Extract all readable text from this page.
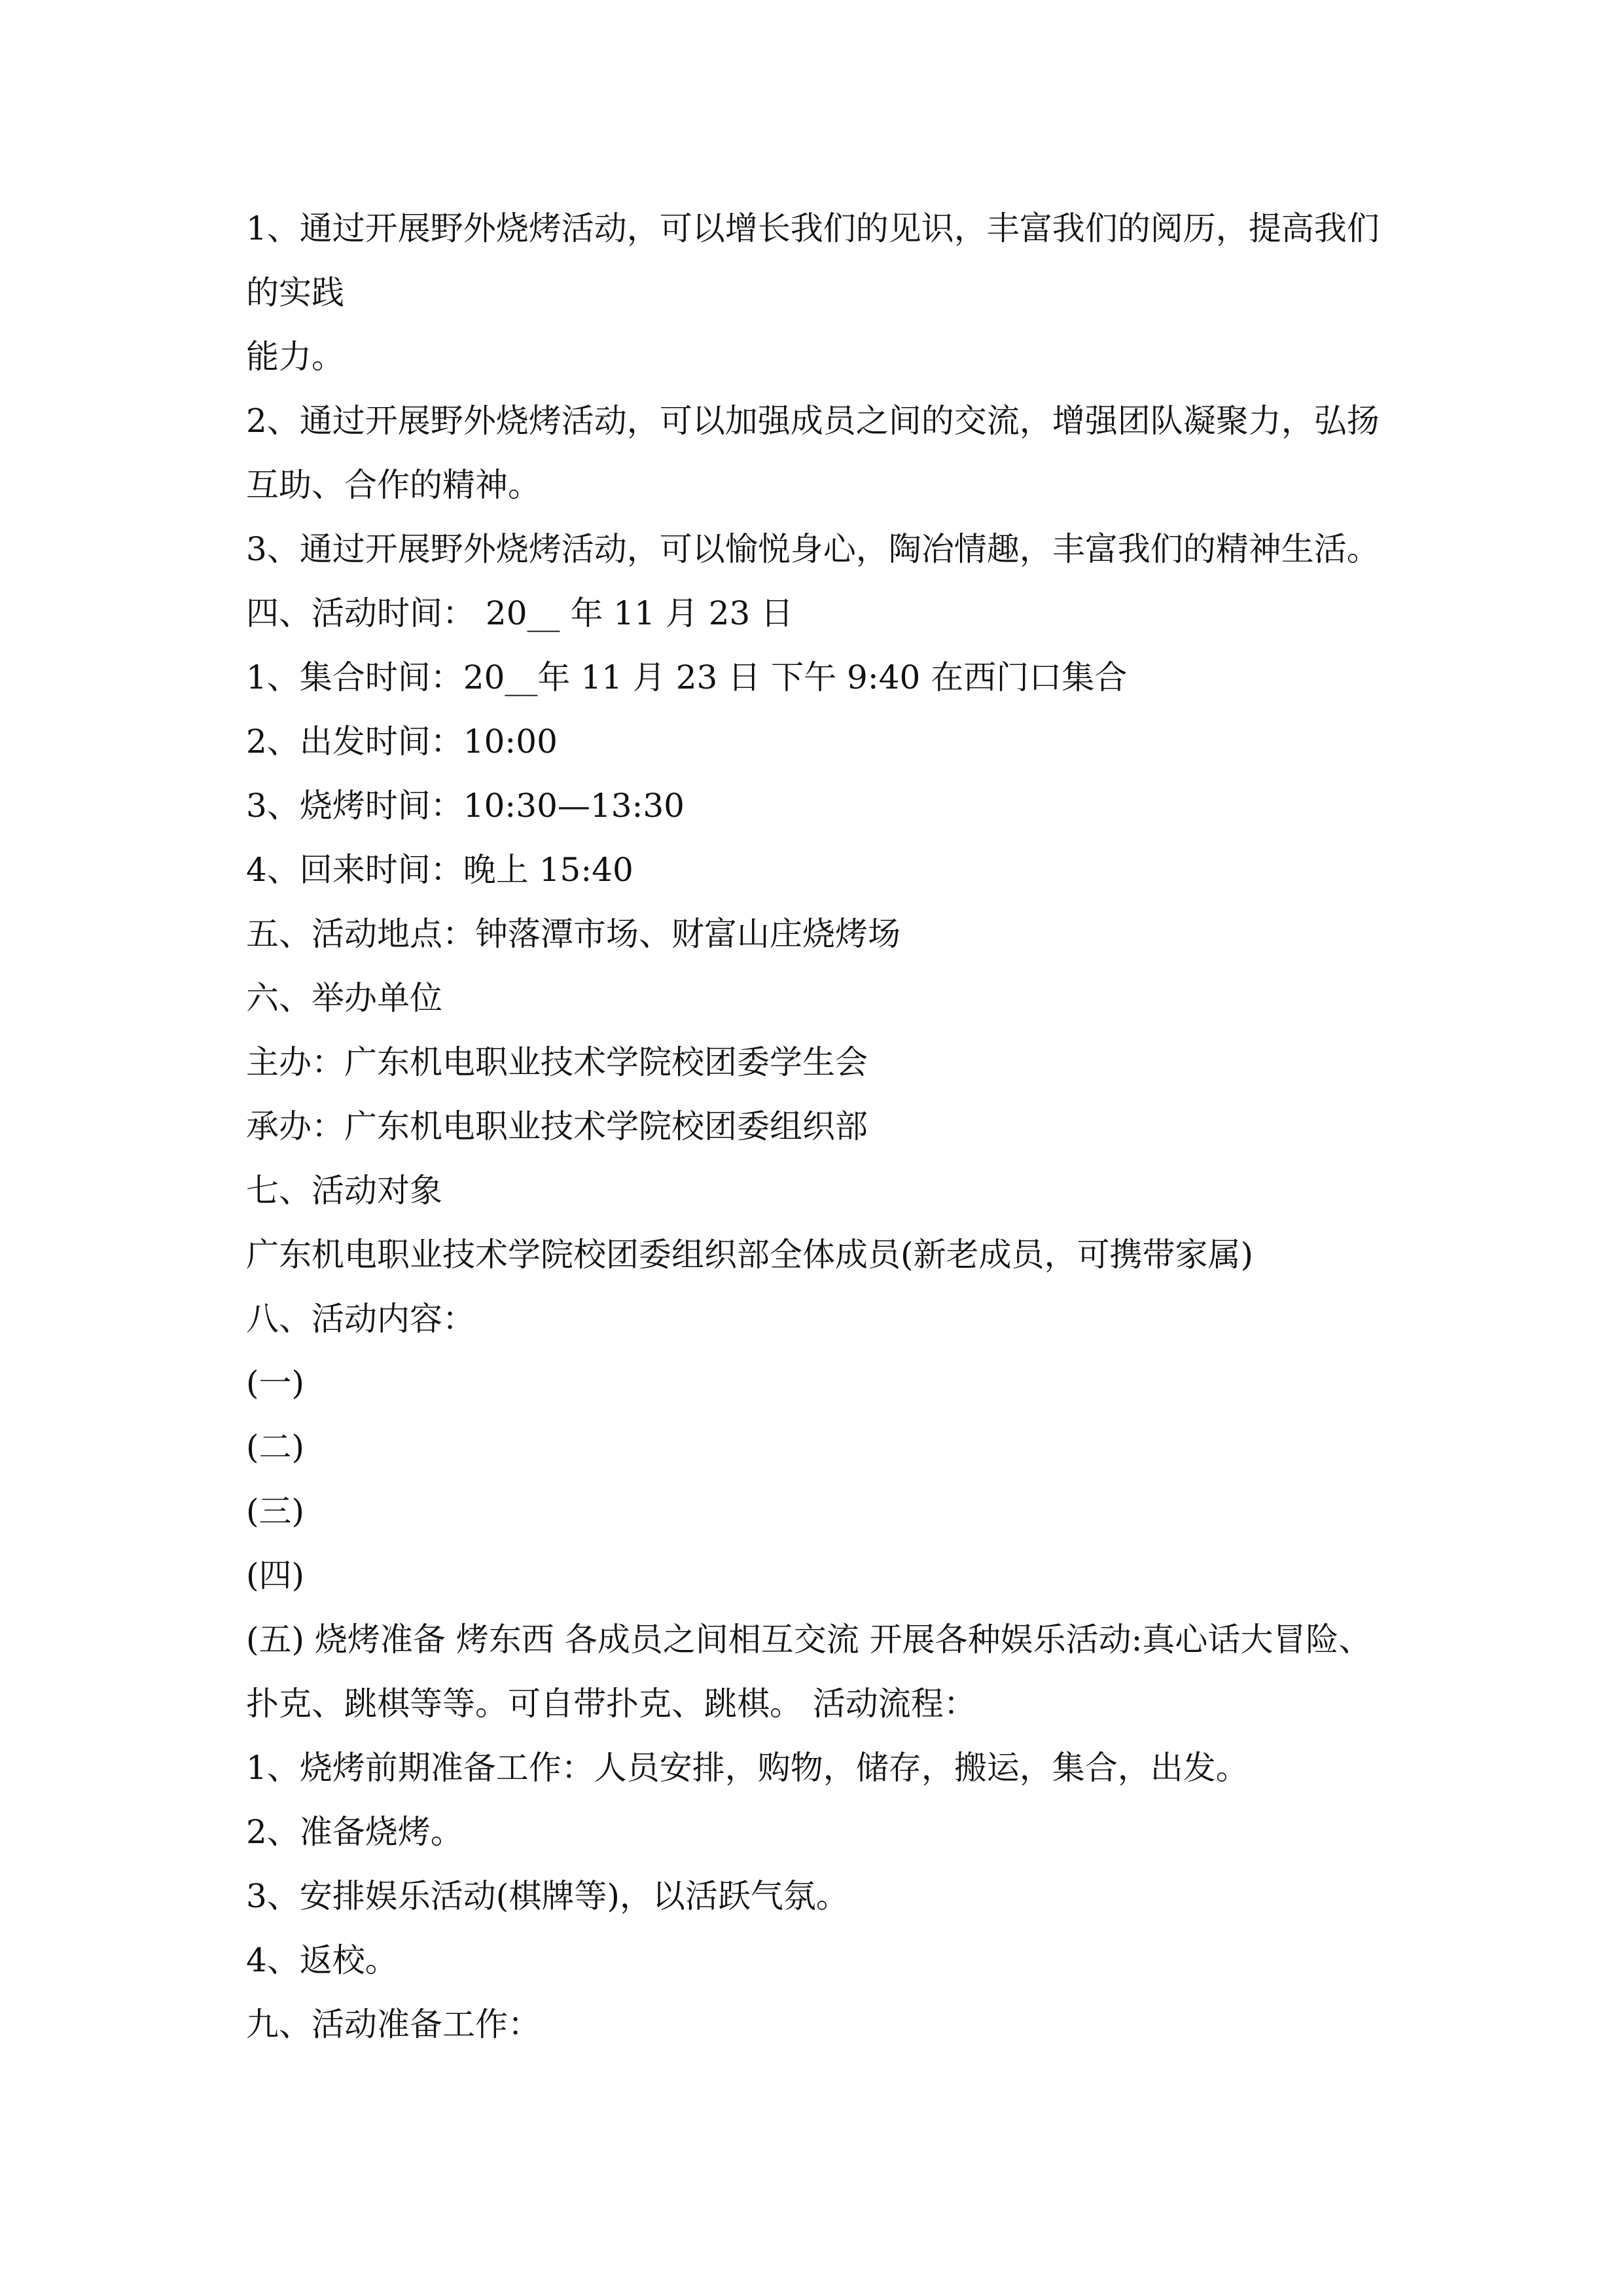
1、通过开展野外烧烤活动，可以增长我们的见识，丰富我们的阅历，提高我们

的实践

能力。

2、通过开展野外烧烤活动，可以加强成员之间的交流，增强团队凝聚力，弘扬

互助、合作的精神。

3、通过开展野外烧烤活动，可以愉悦身心，陶冶情趣，丰富我们的精神生活。

四、活动时间： 20__ 年 11 月 23 日

1、集合时间：20__年 11 月 23 日 下午 9:40 在西门口集合

2、出发时间：10:00

3、烧烤时间：10:30—13:30

4、回来时间：晚上 15:40

五、活动地点：钟落潭市场、财富山庄烧烤场

六、举办单位

主办：广东机电职业技术学院校团委学生会

承办：广东机电职业技术学院校团委组织部

七、活动对象

广东机电职业技术学院校团委组织部全体成员(新老成员，可携带家属)

八、活动内容：

(一)

(二)

(三)

(四)

(五) 烧烤准备 烤东西 各成员之间相互交流 开展各种娱乐活动:真心话大冒险、

扑克、跳棋等等。可自带扑克、跳棋。 活动流程：

1、烧烤前期准备工作：人员安排，购物，储存，搬运，集合，出发。

2、准备烧烤。

3、安排娱乐活动(棋牌等)，以活跃气氛。

4、返校。

九、活动准备工作：
